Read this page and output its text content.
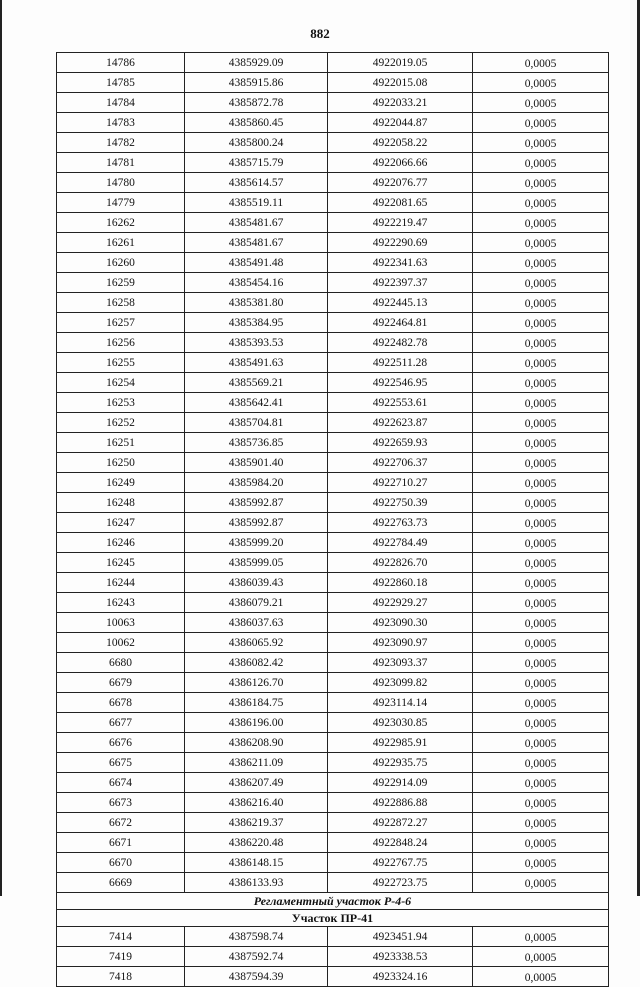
882
14786	4385929.09	4922019.05	0,0005
14785	4385915.86	4922015.08	0,0005
14784	4385872.78	4922033.21	0,0005
14783	4385860.45	4922044.87	0,0005
14782	4385800.24	4922058.22	0,0005
14781	4385715.79	4922066.66	0,0005
14780	4385614.57	4922076.77	0,0005
14779	4385519.11	4922081.65	0,0005
16262	4385481.67	4922219.47	0,0005
16261	4385481.67	4922290.69	0,0005
16260	4385491.48	4922341.63	0,0005
16259	4385454.16	4922397.37	0,0005
16258	4385381.80	4922445.13	0,0005
16257	4385384.95	4922464.81	0,0005
16256	4385393.53	4922482.78	0,0005
16255	4385491.63	4922511.28	0,0005
16254	4385569.21	4922546.95	0,0005
16253	4385642.41	4922553.61	0,0005
16252	4385704.81	4922623.87	0,0005
16251	4385736.85	4922659.93	0,0005
16250	4385901.40	4922706.37	0,0005
16249	4385984.20	4922710.27	0,0005
16248	4385992.87	4922750.39	0,0005
16247	4385992.87	4922763.73	0,0005
16246	4385999.20	4922784.49	0,0005
16245	4385999.05	4922826.70	0,0005
16244	4386039.43	4922860.18	0,0005
16243	4386079.21	4922929.27	0,0005
10063	4386037.63	4923090.30	0,0005
10062	4386065.92	4923090.97	0,0005
6680	4386082.42	4923093.37	0,0005
6679	4386126.70	4923099.82	0,0005
6678	4386184.75	4923114.14	0,0005
6677	4386196.00	4923030.85	0,0005
6676	4386208.90	4922985.91	0,0005
6675	4386211.09	4922935.75	0,0005
6674	4386207.49	4922914.09	0,0005
6673	4386216.40	4922886.88	0,0005
6672	4386219.37	4922872.27	0,0005
6671	4386220.48	4922848.24	0,0005
6670	4386148.15	4922767.75	0,0005
6669	4386133.93	4922723.75	0,0005
Регламентный участок Р-4-6			
Участок ПР-41			
7414	4387598.74	4923451.94	0,0005
7419	4387592.74	4923338.53	0,0005
7418	4387594.39	4923324.16	0,0005
